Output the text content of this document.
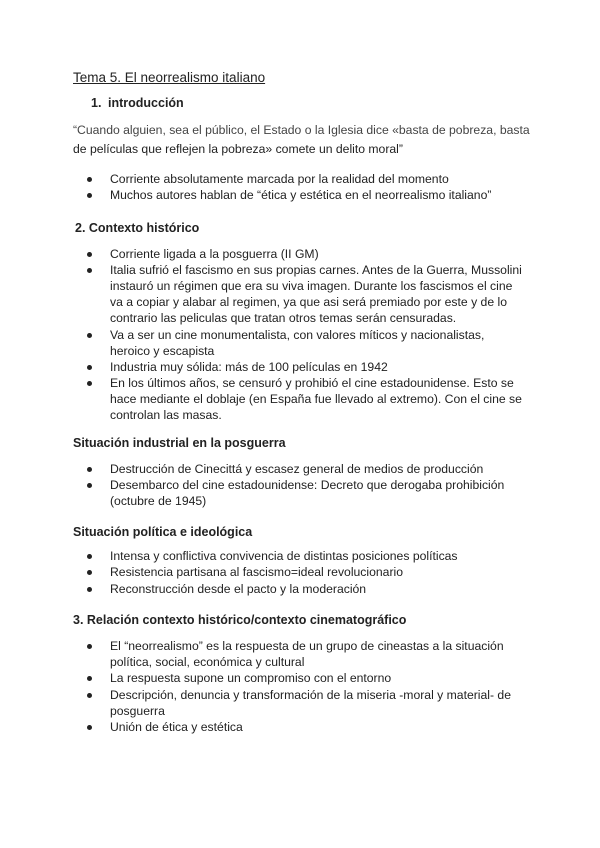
Tema 5. El neorrealismo italiano
1. introducción

“Cuando alguien, sea el público, el Estado o la Iglesia dice «basta de pobreza, basta
de películas que reflejen la pobreza» comete un delito moral”

Corriente absolutamente marcada por la realidad del momento
Muchos autores hablan de “ética y estética en el neorrealismo italiano”
2. Contexto histórico
Corriente ligada a la posguerra (II GM)
Italia sufrió el fascismo en sus propias carnes. Antes de la Guerra, Mussolini instauró un régimen que era su viva imagen. Durante los fascismos el cine va a copiar y alabar al regimen, ya que asi será premiado por este y de lo contrario las peliculas que tratan otros temas serán censuradas.
Va a ser un cine monumentalista, con valores míticos y nacionalistas, heroico y escapista
Industria muy sólida: más de 100 películas en 1942
En los últimos años, se censuró y prohibió el cine estadounidense. Esto se hace mediante el doblaje (en España fue llevado al extremo). Con el cine se controlan las masas.
Situación industrial en la posguerra
Destrucción de Cinecittá y escasez general de medios de producción
Desembarco del cine estadounidense: Decreto que derogaba prohibición (octubre de 1945)
Situación política e ideológica
Intensa y conflictiva convivencia de distintas posiciones políticas
Resistencia partisana al fascismo=ideal revolucionario
Reconstrucción desde el pacto y la moderación
3. Relación contexto histórico/contexto cinematográfico
El “neorrealismo” es la respuesta de un grupo de cineastas a la situación política, social, económica y cultural
La respuesta supone un compromiso con el entorno
Descripción, denuncia y transformación de la miseria -moral y material- de posguerra
Unión de ética y estética
